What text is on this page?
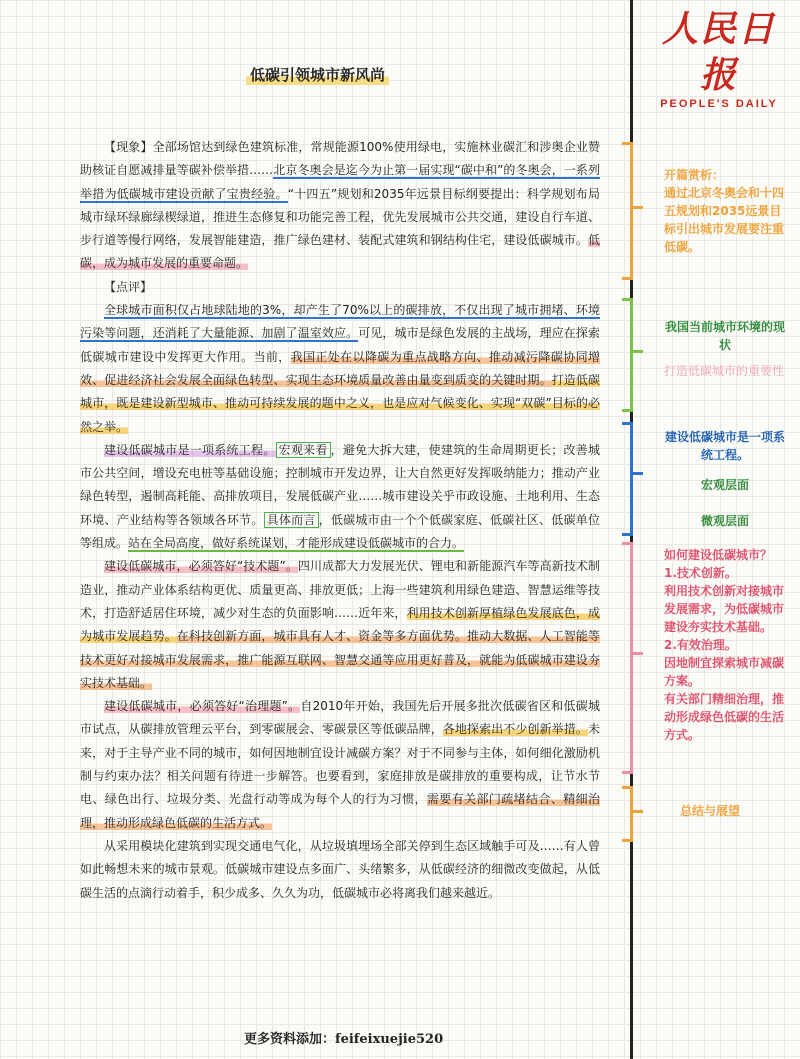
低碳引领城市新风尚
人民日报
PEOPLE'S DAILY

【现象】全部场馆达到绿色建筑标准，常规能源100%使用绿电，实施林业碳汇和涉奥企业赞助核证自愿减排量等碳补偿举措……北京冬奥会是迄今为止第一届实现“碳中和”的冬奥会，一系列举措为低碳城市建设贡献了宝贵经验。“十四五”规划和2035年远景目标纲要提出：科学规划布局城市绿环绿廊绿楔绿道，推进生态修复和功能完善工程，优先发展城市公共交通，建设自行车道、步行道等慢行网络，发展智能建造，推广绿色建材、装配式建筑和钢结构住宅，建设低碳城市。低碳，成为城市发展的重要命题。

【点评】

全球城市面积仅占地球陆地的3%，却产生了70%以上的碳排放，不仅出现了城市拥堵、环境污染等问题，还消耗了大量能源、加剧了温室效应。可见，城市是绿色发展的主战场，理应在探索低碳城市建设中发挥更大作用。当前，我国正处在以降碳为重点战略方向、推动减污降碳协同增效、促进经济社会发展全面绿色转型、实现生态环境质量改善由量变到质变的关键时期。打造低碳城市，既是建设新型城市、推动可持续发展的题中之义，也是应对气候变化、实现“双碳”目标的必然之举。

建设低碳城市是一项系统工程。 宏观来看 ，避免大拆大建，使建筑的生命周期更长；改善城市公共空间，增设充电桩等基础设施；控制城市开发边界，让大自然更好发挥吸纳能力；推动产业绿色转型，遏制高耗能、高排放项目，发展低碳产业……城市建设关乎市政设施、土地利用、生态环境、产业结构等各领域各环节。 具体而言 ，低碳城市由一个个低碳家庭、低碳社区、低碳单位等组成。站在全局高度，做好系统谋划，才能形成建设低碳城市的合力。

建设低碳城市，必须答好“技术题”。四川成都大力发展光伏、锂电和新能源汽车等高新技术制造业，推动产业体系结构更优、质量更高、排放更低；上海一些建筑利用绿色建造、智慧运维等技术，打造舒适居住环境，减少对生态的负面影响……近年来，利用技术创新厚植绿色发展底色，成为城市发展趋势。在科技创新方面，城市具有人才、资金等多方面优势。推动大数据、人工智能等技术更好对接城市发展需求，推广能源互联网、智慧交通等应用更好普及，就能为低碳城市建设夯实技术基础。

建设低碳城市，必须答好“治理题”。自2010年开始，我国先后开展多批次低碳省区和低碳城市试点，从碳排放管理云平台，到零碳展会、零碳景区等低碳品牌，各地探索出不少创新举措。未来，对于主导产业不同的城市，如何因地制宜设计减碳方案？对于不同参与主体，如何细化激励机制与约束办法？相关问题有待进一步解答。也要看到，家庭排放是碳排放的重要构成，让节水节电、绿色出行、垃圾分类、光盘行动等成为每个人的行为习惯，需要有关部门疏堵结合、精细治理，推动形成绿色低碳的生活方式。

从采用模块化建筑到实现交通电气化，从垃圾填埋场全部关停到生态区域触手可及……有人曾如此畅想未来的城市景观。低碳城市建设点多面广、头绪繁多，从低碳经济的细微改变做起，从低碳生活的点滴行动着手，积少成多、久久为功，低碳城市必将离我们越来越近。

开篇赏析：
通过北京冬奥会和十四五规划和2035远景目标引出城市发展要注重低碳。
我国当前城市环境的现状
打造低碳城市的重要性
建设低碳城市是一项系统工程。
宏观层面
微观层面
如何建设低碳城市？
1.技术创新。
利用技术创新对接城市发展需求，为低碳城市建设夯实技术基础。
2.有效治理。
因地制宜探索城市减碳方案。
有关部门精细治理，推动形成绿色低碳的生活方式。
总结与展望
更多资料添加：feifeixuejie520
